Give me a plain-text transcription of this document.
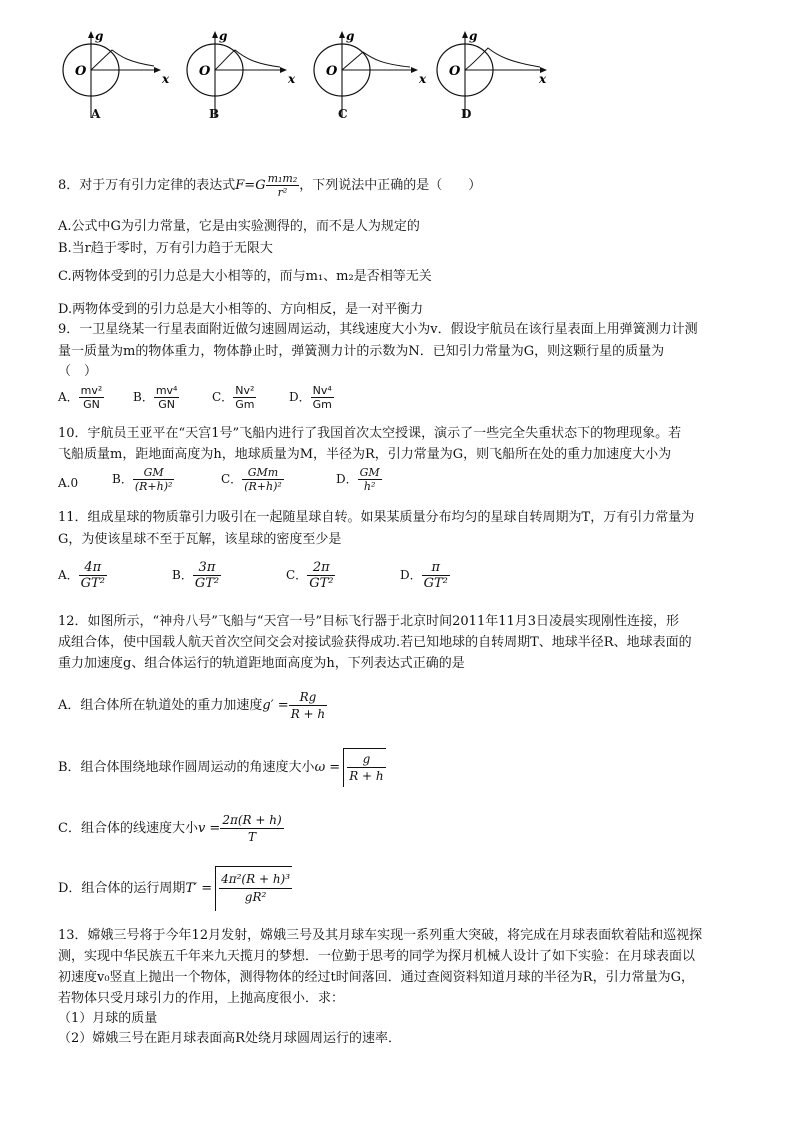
O	O	O	O
g	g	g	g
x	x	x	x
A	B	C	D
8．对于万有引力定律的表达式$F=G \frac{\text{m₁m₂}}{\text{r²}}$ ，下列说法中正确的是（　　）
A.公式中G为引力常量，它是由实验测得的，而不是人为规定的
B.当r趋于零时，万有引力趋于无限大
C.两物体受到的引力总是大小相等的，而与m₁、m₂是否相等无关
D.两物体受到的引力总是大小相等的、方向相反，是一对平衡力
9．一卫星绕某一行星表面附近做匀速圆周运动，其线速度大小为v．假设宇航员在该行星表面上用弹簧测力计测
量一质量为m的物体重力，物体静止时，弹簧测力计的示数为N．已知引力常量为G，则这颗行星的质量为
（　）
A． $\frac{\text{mv²}}{GN}$ B． $\frac{\text{mv⁴}}{GN}$	C． $\frac{\text{Nv²}}{Gm}$	D． $\frac{\text{Nv⁴}}{Gm}$
10．宇航员王亚平在“天宫1号”飞船内进行了我国首次太空授课，演示了一些完全失重状态下的物理现象。若
飞船质量m，距地面高度为h，地球质量为M，半径为R，引力常量为G，则飞船所在处的重力加速度大小为
A.0	B． $\frac{GM}{\text{(R+h)²}}$	C． $\frac{\text{GMm}}{\text{(R+h)²}}$	D． $\frac{GM}{\text{h²}}$
11．组成星球的物质靠引力吸引在一起随星球自转。如果某质量分布均匀的星球自转周期为T，万有引力常量为
G，为使该星球不至于瓦解，该星球的密度至少是
A． $\frac{4\pi}{\text{GT²}}$	B． $\frac{3\pi}{\text{GT²}}$	C． $\frac{2\pi}{\text{GT²}}$	D． $\frac{\pi}{\text{GT²}}$
12．如图所示，“神舟八号”飞船与“天宫一号”目标飞行器于北京时间2011年11月3日凌晨实现刚性连接，形
成组合体，使中国载人航天首次空间交会对接试验获得成功.若已知地球的自转周期T、地球半径R、地球表面的
重力加速度g、组合体运行的轨道距地面高度为h，下列表达式正确的是
A．组合体所在轨道处的重力加速度$g' = \frac{Rg}{R + h}$
B．组合体围绕地球作圆周运动的角速度大小$\omega = \frac{g}{R + h}$
C．组合体的线速度大小$v = \frac{2\pi(R + h)}{T}$
D．组合体的运行周期$T' = \frac{\text{4π²(R + h)³}}{\text{gR²}}$
13．嫦娥三号将于今年12月发射，嫦娥三号及其月球车实现一系列重大突破，将完成在月球表面软着陆和巡视探
测，实现中华民族五千年来九天揽月的梦想．一位勤于思考的同学为探月机械人设计了如下实验：在月球表面以
初速度v₀竖直上抛出一个物体，测得物体的经过t时间落回．通过查阅资料知道月球的半径为R，引力常量为G，
若物体只受月球引力的作用，上抛高度很小．求：
（1）月球的质量
（2）嫦娥三号在距月球表面高R处绕月球圆周运行的速率．
